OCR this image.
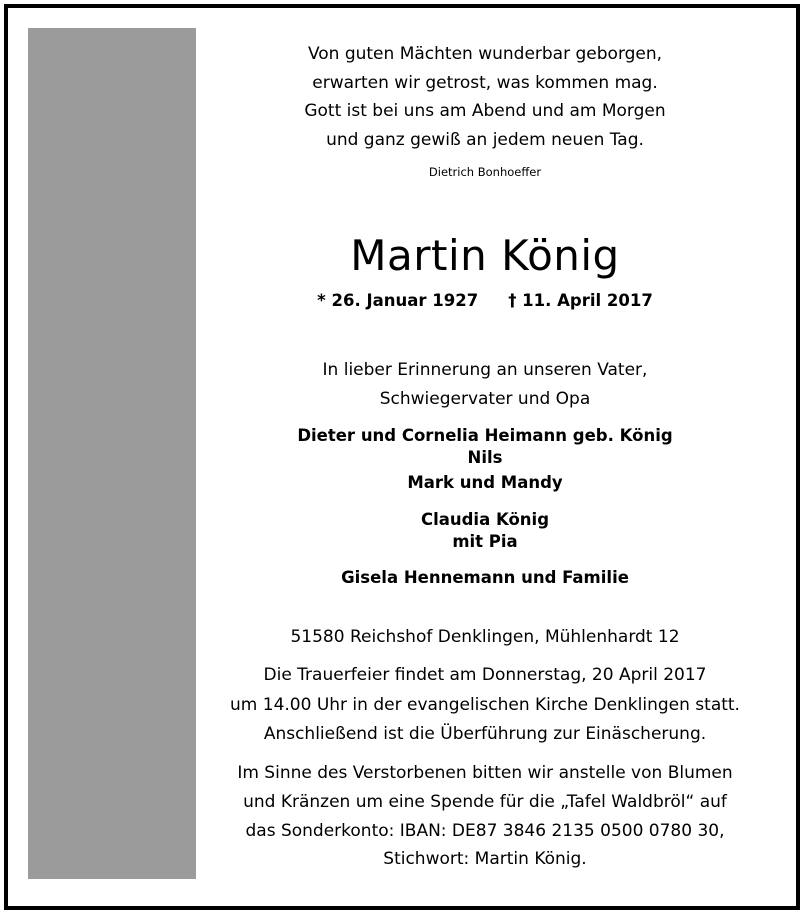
Von guten Mächten wunderbar geborgen,
erwarten wir getrost, was kommen mag.
Gott ist bei uns am Abend und am Morgen
und ganz gewiß an jedem neuen Tag.
Dietrich Bonhoeffer
Martin König
* 26. Januar 1927 † 11. April 2017
In lieber Erinnerung an unseren Vater,
Schwiegervater und Opa
Dieter und Cornelia Heimann geb. König
Nils
Mark und Mandy
Claudia König
mit Pia
Gisela Hennemann und Familie
51580 Reichshof Denklingen, Mühlenhardt 12
Die Trauerfeier findet am Donnerstag, 20 April 2017
um 14.00 Uhr in der evangelischen Kirche Denklingen statt.
Anschließend ist die Überführung zur Einäscherung.
Im Sinne des Verstorbenen bitten wir anstelle von Blumen
und Kränzen um eine Spende für die „Tafel Waldbröl“ auf
das Sonderkonto: IBAN: DE87 3846 2135 0500 0780 30,
Stichwort: Martin König.
